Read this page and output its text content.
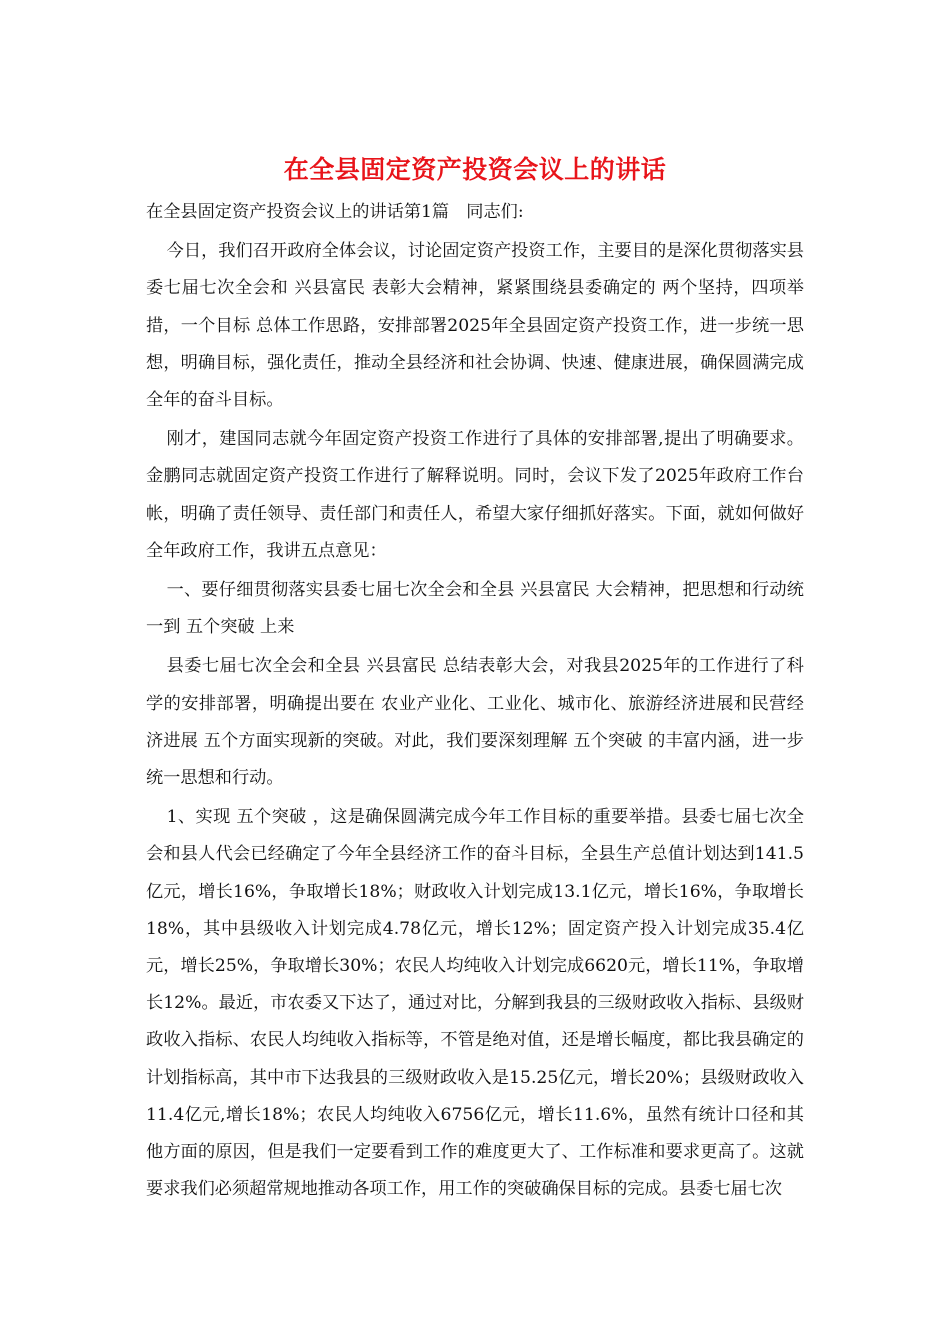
在全县固定资产投资会议上的讲话

在全县固定资产投资会议上的讲话第1篇　同志们:

今日，我们召开政府全体会议，讨论固定资产投资工作，主要目的是深化贯彻落实县委七届七次全会和 兴县富民 表彰大会精神，紧紧围绕县委确定的 两个坚持，四项举措，一个目标 总体工作思路，安排部署2025年全县固定资产投资工作，进一步统一思想，明确目标，强化责任，推动全县经济和社会协调、快速、健康进展，确保圆满完成全年的奋斗目标。

刚才，建国同志就今年固定资产投资工作进行了具体的安排部署,提出了明确要求。金鹏同志就固定资产投资工作进行了解释说明。同时，会议下发了2025年政府工作台帐，明确了责任领导、责任部门和责任人，希望大家仔细抓好落实。下面，就如何做好全年政府工作，我讲五点意见：

一、要仔细贯彻落实县委七届七次全会和全县 兴县富民 大会精神，把思想和行动统一到 五个突破 上来

县委七届七次全会和全县 兴县富民 总结表彰大会，对我县2025年的工作进行了科学的安排部署，明确提出要在 农业产业化、工业化、城市化、旅游经济进展和民营经济进展 五个方面实现新的突破。对此，我们要深刻理解 五个突破 的丰富内涵，进一步统一思想和行动。

1、实现 五个突破 ，这是确保圆满完成今年工作目标的重要举措。县委七届七次全会和县人代会已经确定了今年全县经济工作的奋斗目标，全县生产总值计划达到141.5亿元，增长16%，争取增长18%；财政收入计划完成13.1亿元，增长16%，争取增长18%，其中县级收入计划完成4.78亿元，增长12%；固定资产投入计划完成35.4亿元，增长25%，争取增长30%；农民人均纯收入计划完成6620元，增长11%，争取增长12%。最近，市农委又下达了，通过对比，分解到我县的三级财政收入指标、县级财政收入指标、农民人均纯收入指标等，不管是绝对值，还是增长幅度，都比我县确定的计划指标高，其中市下达我县的三级财政收入是15.25亿元，增长20%；县级财政收入11.4亿元,增长18%；农民人均纯收入6756亿元，增长11.6%，虽然有统计口径和其他方面的原因，但是我们一定要看到工作的难度更大了、工作标准和要求更高了。这就要求我们必须超常规地推动各项工作，用工作的突破确保目标的完成。县委七届七次
